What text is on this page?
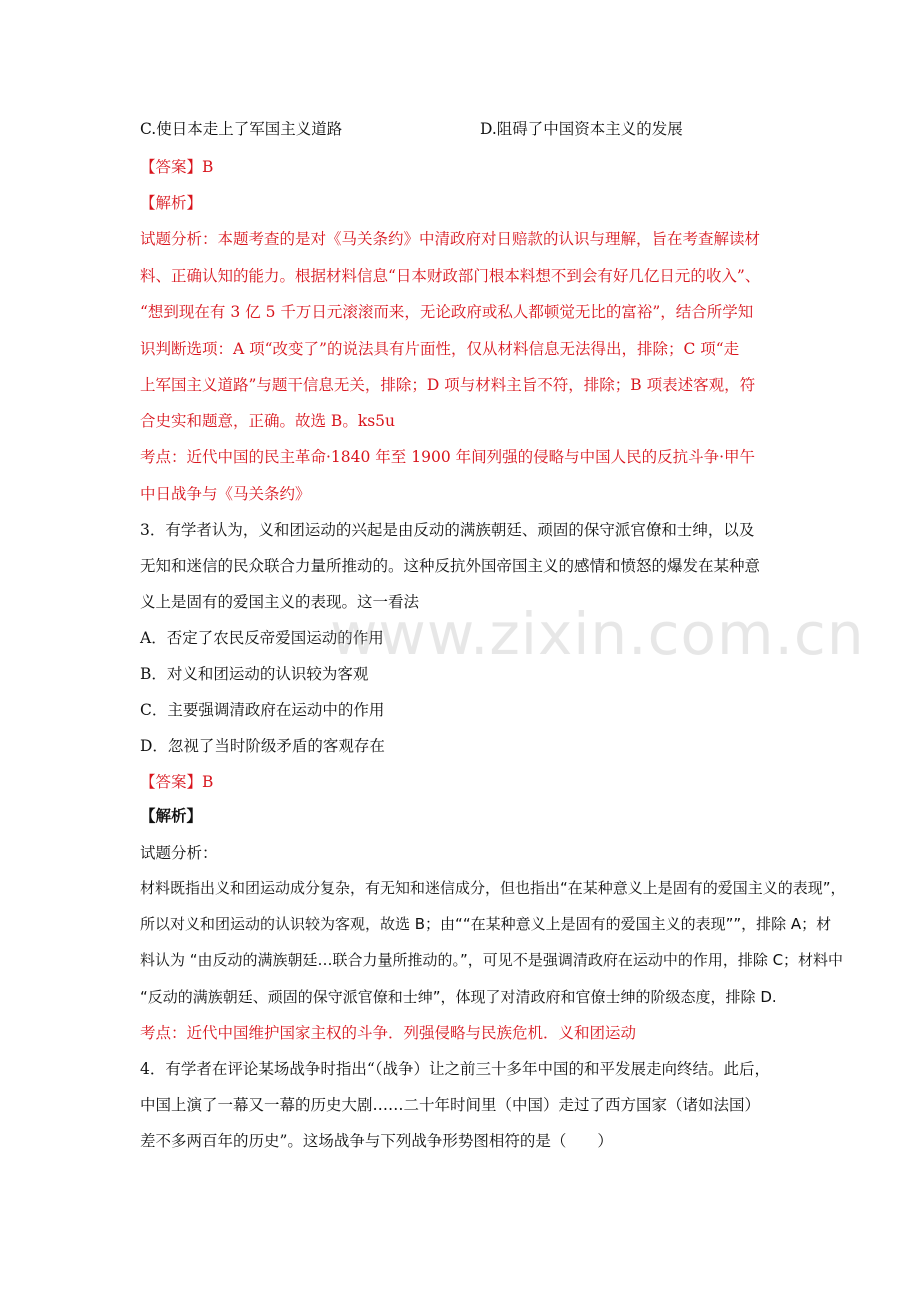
C.使日本走上了军国主义道路	D.阻碍了中国资本主义的发展
【答案】B
【解析】
试题分析：本题考查的是对《马关条约》中清政府对日赔款的认识与理解，旨在考查解读材
料、正确认知的能力。根据材料信息“日本财政部门根本料想不到会有好几亿日元的收入”、
“想到现在有 3 亿 5 千万日元滚滚而来，无论政府或私人都顿觉无比的富裕”，结合所学知
识判断选项：A 项“改变了”的说法具有片面性，仅从材料信息无法得出，排除；C 项“走
上军国主义道路”与题干信息无关，排除；D 项与材料主旨不符，排除；B 项表述客观，符
合史实和题意，正确。故选 B。ks5u
考点：近代中国的民主革命·1840 年至 1900 年间列强的侵略与中国人民的反抗斗争·甲午
中日战争与《马关条约》
3．有学者认为，义和团运动的兴起是由反动的满族朝廷、顽固的保守派官僚和士绅，以及
无知和迷信的民众联合力量所推动的。这种反抗外国帝国主义的感情和愤怒的爆发在某种意
义上是固有的爱国主义的表现。这一看法
A．否定了农民反帝爱国运动的作用
B．对义和团运动的认识较为客观
C．主要强调清政府在运动中的作用
D．忽视了当时阶级矛盾的客观存在
【答案】B
【解析】
试题分析：
材料既指出义和团运动成分复杂，有无知和迷信成分，但也指出“在某种意义上是固有的爱国主义的表现”，
所以对义和团运动的认识较为客观，故选 B；由““在某种意义上是固有的爱国主义的表现””，排除 A；材
料认为 “由反动的满族朝廷…联合力量所推动的。”，可见不是强调清政府在运动中的作用，排除 C；材料中
“反动的满族朝廷、顽固的保守派官僚和士绅”，体现了对清政府和官僚士绅的阶级态度，排除 D.
考点：近代中国维护国家主权的斗争．列强侵略与民族危机．义和团运动
4．有学者在评论某场战争时指出“（战争）让之前三十多年中国的和平发展走向终结。此后，
中国上演了一幕又一幕的历史大剧……二十年时间里（中国）走过了西方国家（诸如法国）
差不多两百年的历史”。这场战争与下列战争形势图相符的是（　　）
www.zixin.com.cn
